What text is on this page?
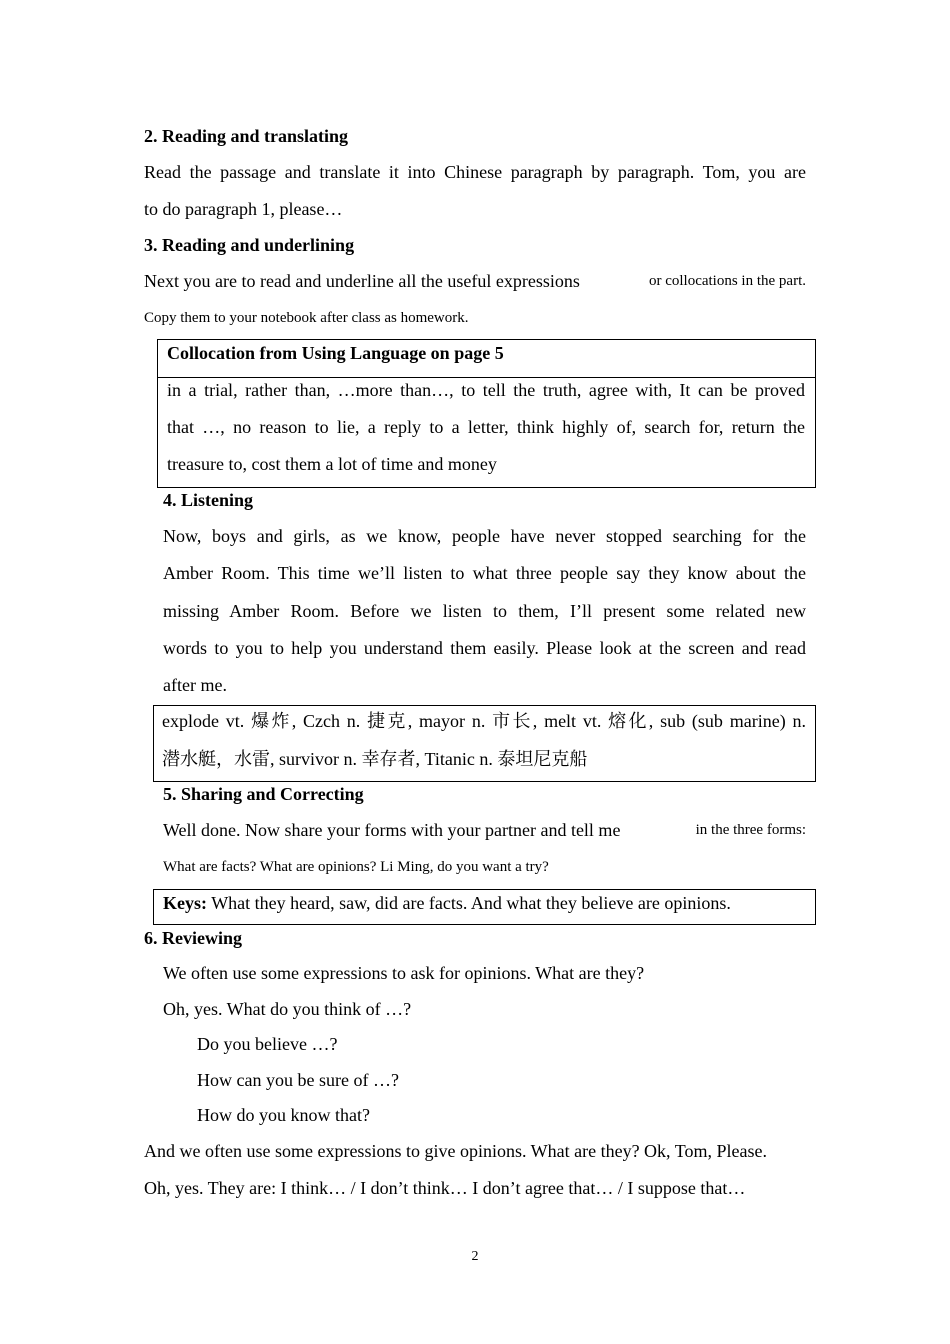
2. Reading and translating
Read the passage and translate it into Chinese paragraph by paragraph. Tom, you are
to do paragraph 1, please…
3. Reading and underlining
Next you are to read and underline all the useful expressions	or collocations in the part.
Copy them to your notebook after class as homework.
Collocation from Using Language on page 5
in a trial, rather than, …more than…, to tell the truth, agree with, It can be proved
that …, no reason to lie, a reply to a letter, think highly of, search for, return the
treasure to, cost them a lot of time and money
4. Listening
Now, boys and girls, as we know, people have never stopped searching for the
Amber Room. This time we’ll listen to what three people say they know about the
missing Amber Room. Before we listen to them, I’ll present some related new
words to you to help you understand them easily. Please look at the screen and read
after me.
explode vt. 爆炸, Czch n. 捷克, mayor n. 市长, melt vt. 熔化, sub (sub marine) n.
潜水艇，水雷, survivor n. 幸存者, Titanic n. 泰坦尼克船
5. Sharing and Correcting
Well done. Now share your forms with your partner and tell me	in the three forms:
What are facts? What are opinions? Li Ming, do you want a try?
Keys: What they heard, saw, did are facts. And what they believe are opinions.
6. Reviewing
We often use some expressions to ask for opinions. What are they?
Oh, yes. What do you think of …?
Do you believe …?
How can you be sure of …?
How do you know that?
And we often use some expressions to give opinions. What are they? Ok, Tom, Please.
Oh, yes. They are: I think… / I don’t think… I don’t agree that… / I suppose that…
2
